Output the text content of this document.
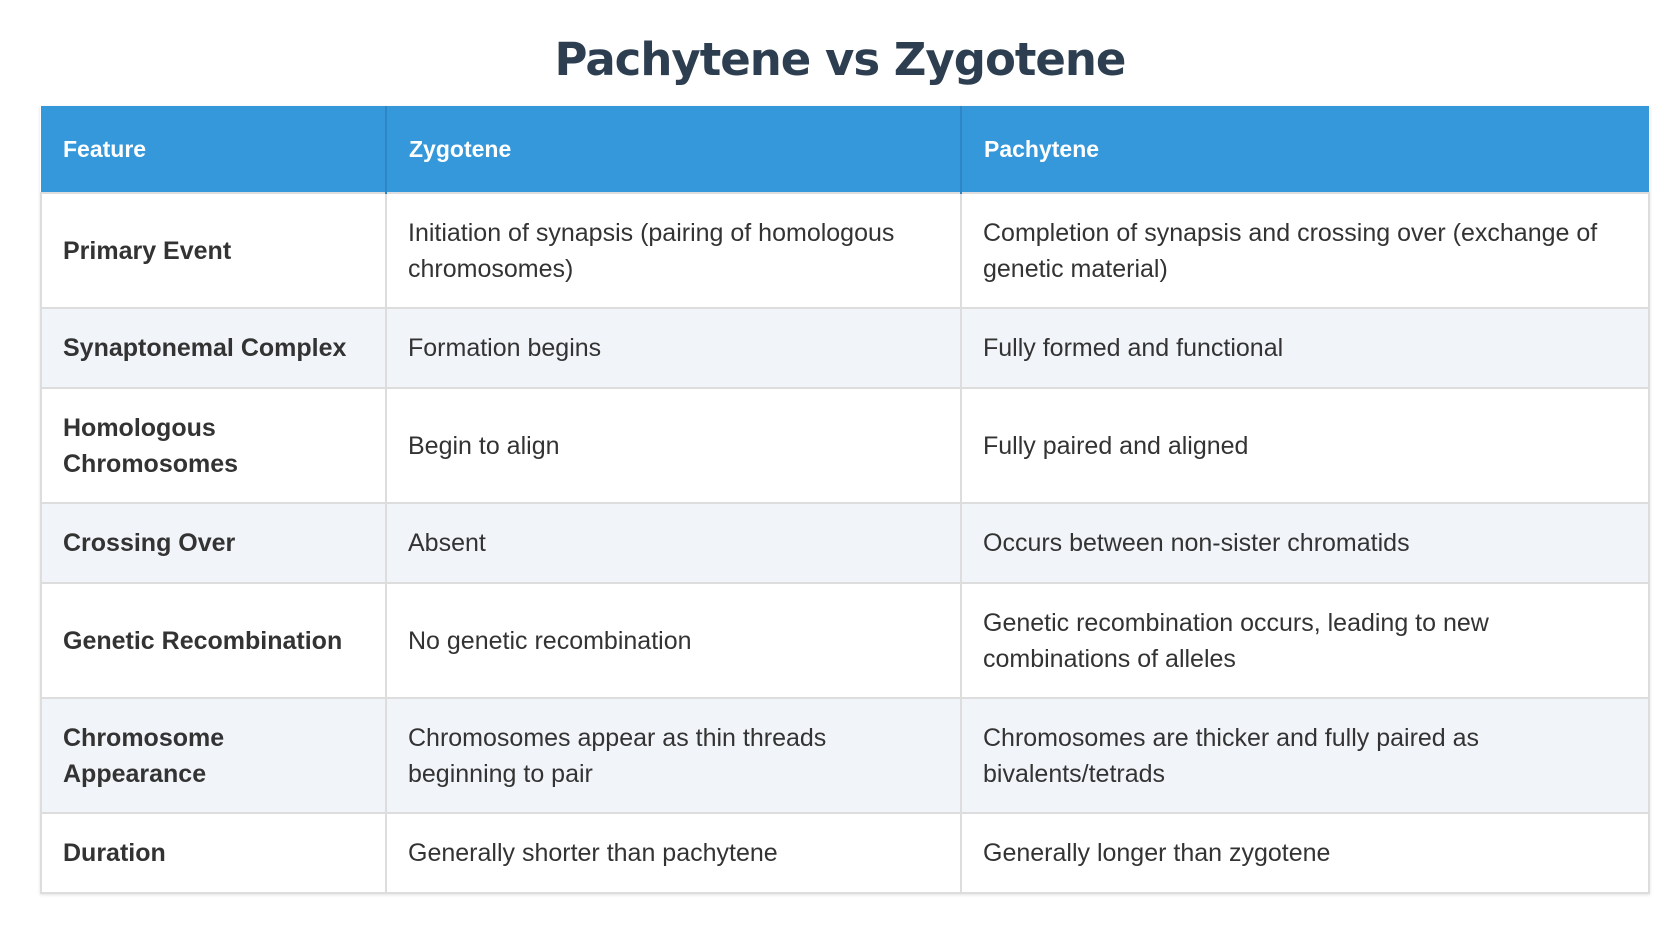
Pachytene vs Zygotene
Feature	Zygotene	Pachytene
Primary Event	Initiation of synapsis (pairing of homologous chromosomes)	Completion of synapsis and crossing over (exchange of genetic material)
Synaptonemal Complex	Formation begins	Fully formed and functional
Homologous Chromosomes	Begin to align	Fully paired and aligned
Crossing Over	Absent	Occurs between non-sister chromatids
Genetic Recombination	No genetic recombination	Genetic recombination occurs, leading to new combinations of alleles
Chromosome Appearance	Chromosomes appear as thin threads beginning to pair	Chromosomes are thicker and fully paired as bivalents/tetrads
Duration	Generally shorter than pachytene	Generally longer than zygotene
